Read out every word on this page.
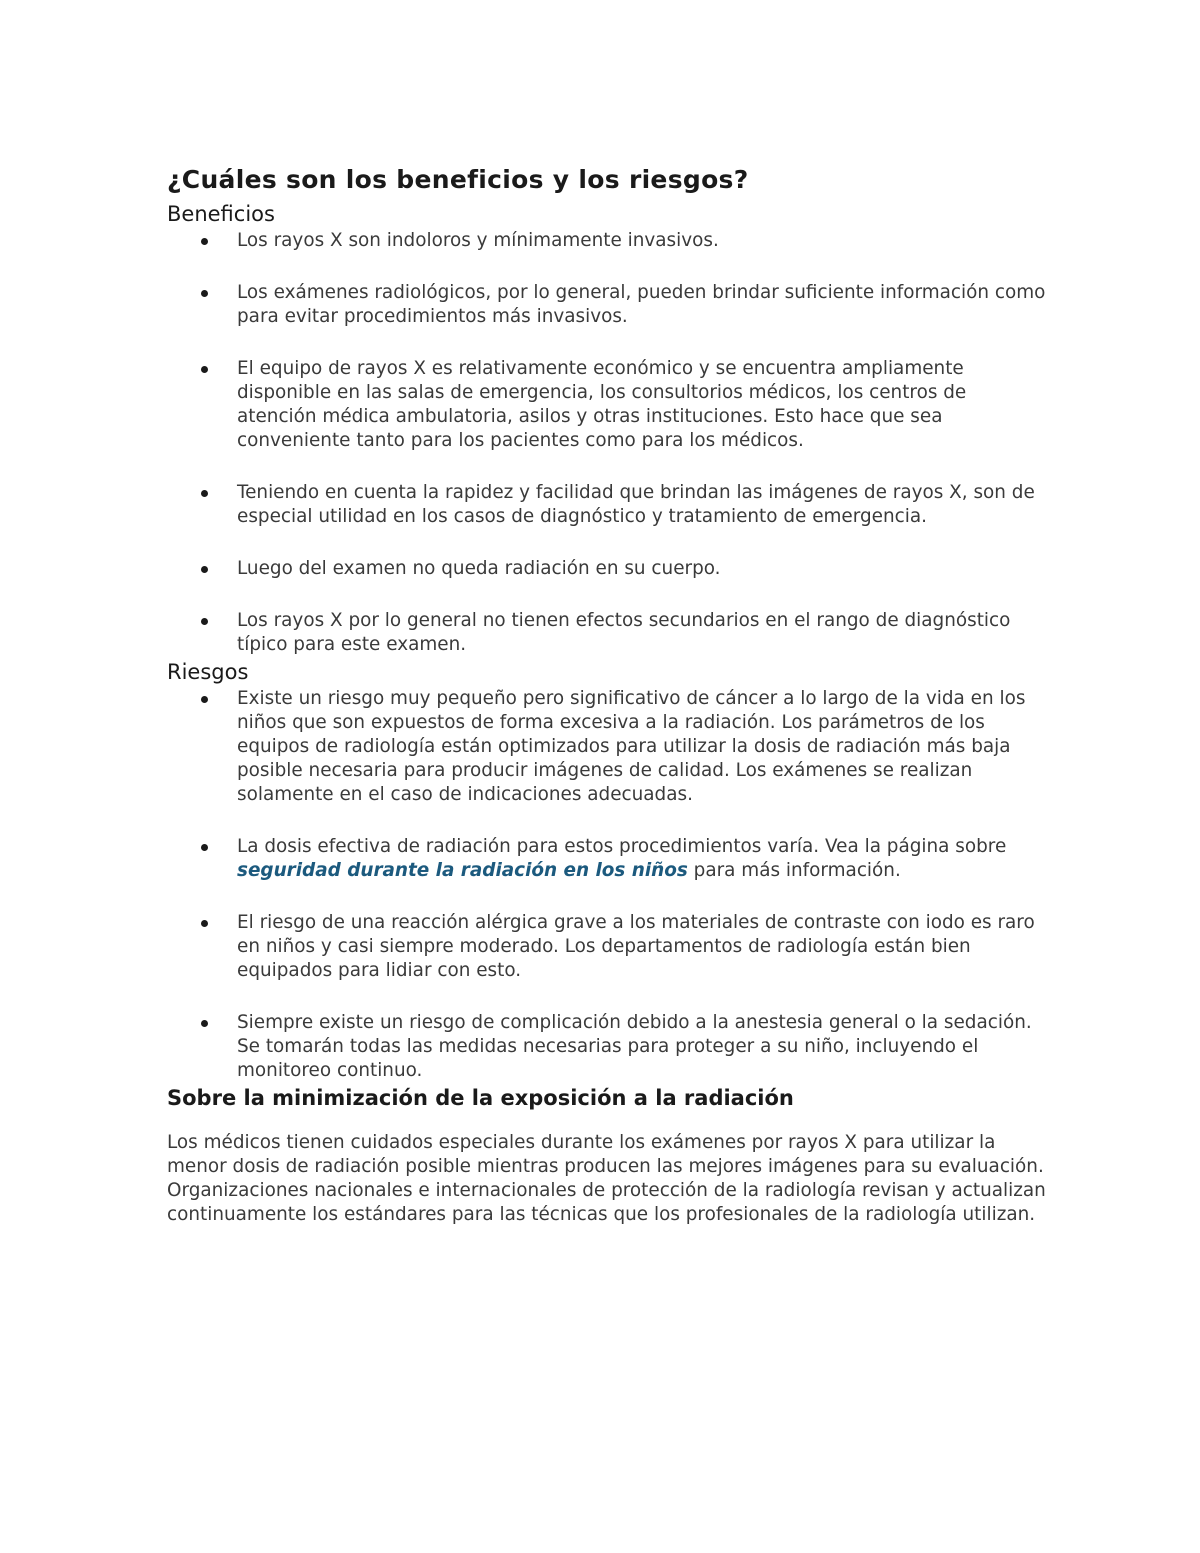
¿Cuáles son los beneficios y los riesgos?
Beneficios
Los rayos X son indoloros y mínimamente invasivos.
Los exámenes radiológicos, por lo general, pueden brindar suficiente información como para evitar procedimientos más invasivos.
El equipo de rayos X es relativamente económico y se encuentra ampliamente disponible en las salas de emergencia, los consultorios médicos, los centros de atención médica ambulatoria, asilos y otras instituciones. Esto hace que sea conveniente tanto para los pacientes como para los médicos.
Teniendo en cuenta la rapidez y facilidad que brindan las imágenes de rayos X, son de especial utilidad en los casos de diagnóstico y tratamiento de emergencia.
Luego del examen no queda radiación en su cuerpo.
Los rayos X por lo general no tienen efectos secundarios en el rango de diagnóstico típico para este examen.
Riesgos
Existe un riesgo muy pequeño pero significativo de cáncer a lo largo de la vida en los niños que son expuestos de forma excesiva a la radiación. Los parámetros de los equipos de radiología están optimizados para utilizar la dosis de radiación más baja posible necesaria para producir imágenes de calidad. Los exámenes se realizan solamente en el caso de indicaciones adecuadas.
La dosis efectiva de radiación para estos procedimientos varía. Vea la página sobre seguridad durante la radiación en los niños para más información.
El riesgo de una reacción alérgica grave a los materiales de contraste con iodo es raro en niños y casi siempre moderado. Los departamentos de radiología están bien equipados para lidiar con esto.
Siempre existe un riesgo de complicación debido a la anestesia general o la sedación. Se tomarán todas las medidas necesarias para proteger a su niño, incluyendo el monitoreo continuo.
Sobre la minimización de la exposición a la radiación

Los médicos tienen cuidados especiales durante los exámenes por rayos X para utilizar la menor dosis de radiación posible mientras producen las mejores imágenes para su evaluación. Organizaciones nacionales e internacionales de protección de la radiología revisan y actualizan continuamente los estándares para las técnicas que los profesionales de la radiología utilizan.
